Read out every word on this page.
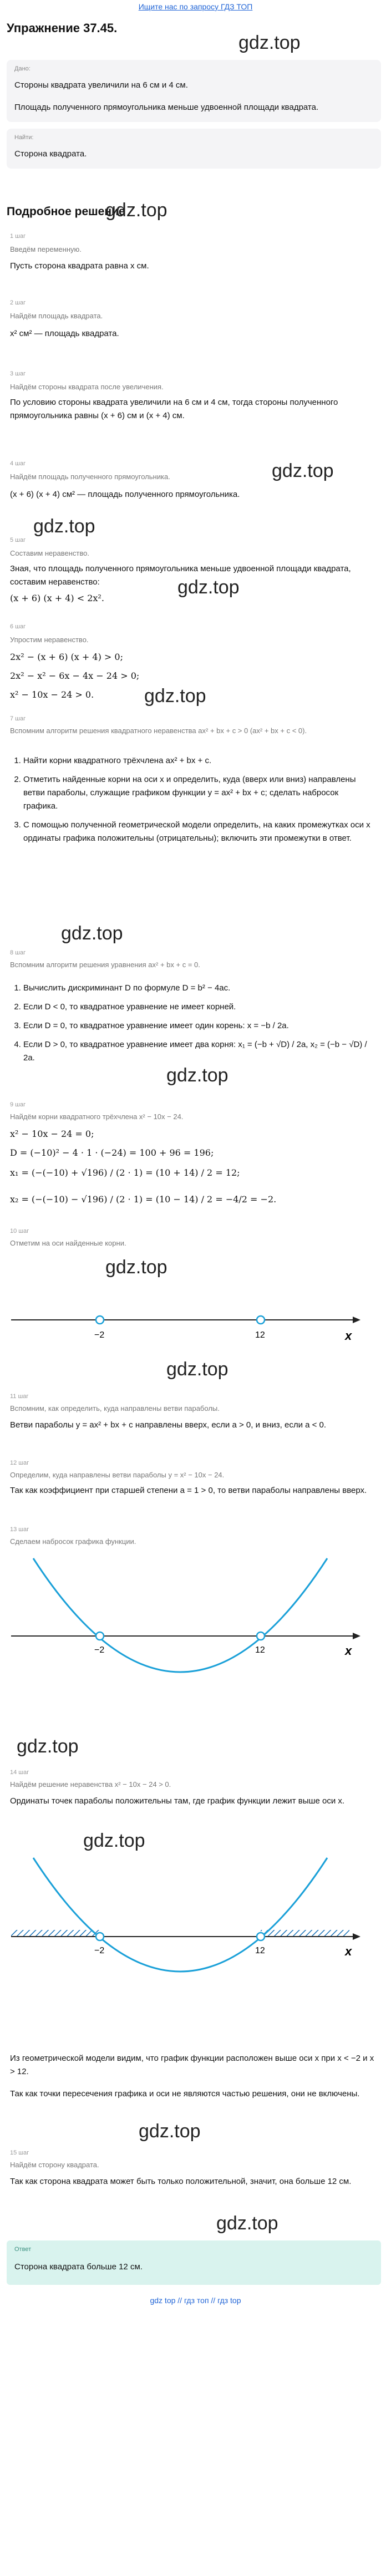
Ищите нас по запросу ГДЗ ТОП
Упражнение 37.45.
gdz.top
Дано:
Стороны квадрата увеличили на 6 см и 4 см.
Площадь полученного прямоугольника меньше удвоенной площади квадрата.
Найти:
Сторона квадрата.
Подробное решение
gdz.top
1 шаг
Введём переменную.
Пусть сторона квадрата равна x см.
2 шаг
Найдём площадь квадрата.
x² см² — площадь квадрата.
3 шаг
Найдём стороны квадрата после увеличения.
По условию стороны квадрата увеличили на 6 см и 4 см, тогда стороны полученного прямоугольника равны (x + 6) см и (x + 4) см.
4 шаг
Найдём площадь полученного прямоугольника.
(x + 6) (x + 4) см² — площадь полученного прямоугольника.
gdz.top
gdz.top
5 шаг
Составим неравенство.
Зная, что площадь полученного прямоугольника меньше удвоенной площади квадрата, составим неравенство:
(x + 6) (x + 4) < 2x².
gdz.top
6 шаг
Упростим неравенство.
2x² − (x + 6) (x + 4) > 0;
2x² − x² − 6x − 4x − 24 > 0;
x² − 10x − 24 > 0.	gdz.top
7 шаг
Вспомним алгоритм решения квадратного неравенства ax² + bx + c > 0 (ax² + bx + c < 0).
1. Найти корни квадратного трёхчлена ax² + bx + c.
2. Отметить найденные корни на оси x и определить, куда (вверх или вниз) направлены ветви параболы, служащие графиком функции y = ax² + bx + c; сделать набросок графика.
3. С помощью полученной геометрической модели определить, на каких промежутках оси x ординаты графика положительны (отрицательны); включить эти промежутки в ответ.
gdz.top
8 шаг
Вспомним алгоритм решения уравнения ax² + bx + c = 0.
1. Вычислить дискриминант D по формуле D = b² − 4ac.
2. Если D < 0, то квадратное уравнение не имеет корней.
3. Если D = 0, то квадратное уравнение имеет один корень: x = −b / 2a.
4. Если D > 0, то квадратное уравнение имеет два корня: x₁ = (−b + √D) / 2a, x₂ = (−b − √D) / 2a.
gdz.top
9 шаг
Найдём корни квадратного трёхчлена x² − 10x − 24.
x² − 10x − 24 = 0;
D = (−10)² − 4 · 1 · (−24) = 100 + 96 = 196;
x₁ = (−(−10) + √196) / (2 · 1) = (10 + 14) / 2 = 12;
x₂ = (−(−10) − √196) / (2 · 1) = (10 − 14) / 2 = −4/2 = −2.
10 шаг
Отметим на оси найденные корни.
gdz.top
−2	12	x
gdz.top
11 шаг
Вспомним, как определить, куда направлены ветви параболы.
Ветви параболы y = ax² + bx + c направлены вверх, если a > 0, и вниз, если a < 0.
12 шаг
Определим, куда направлены ветви параболы y = x² − 10x − 24.
Так как коэффициент при старшей степени a = 1 > 0, то ветви параболы направлены вверх.
13 шаг
Сделаем набросок графика функции.
−2	12	x
gdz.top
14 шаг
Найдём решение неравенства x² − 10x − 24 > 0.
Ординаты точек параболы положительны там, где график функции лежит выше оси x.
gdz.top
−2	12	x
Из геометрической модели видим, что график функции расположен выше оси x при x < −2 и x > 12.
Так как точки пересечения графика и оси не являются частью решения, они не включены.
gdz.top
15 шаг
Найдём сторону квадрата.
Так как сторона квадрата может быть только положительной, значит, она больше 12 см.
gdz.top
Ответ
Сторона квадрата больше 12 см.
gdz top // гдз топ // гдз top
